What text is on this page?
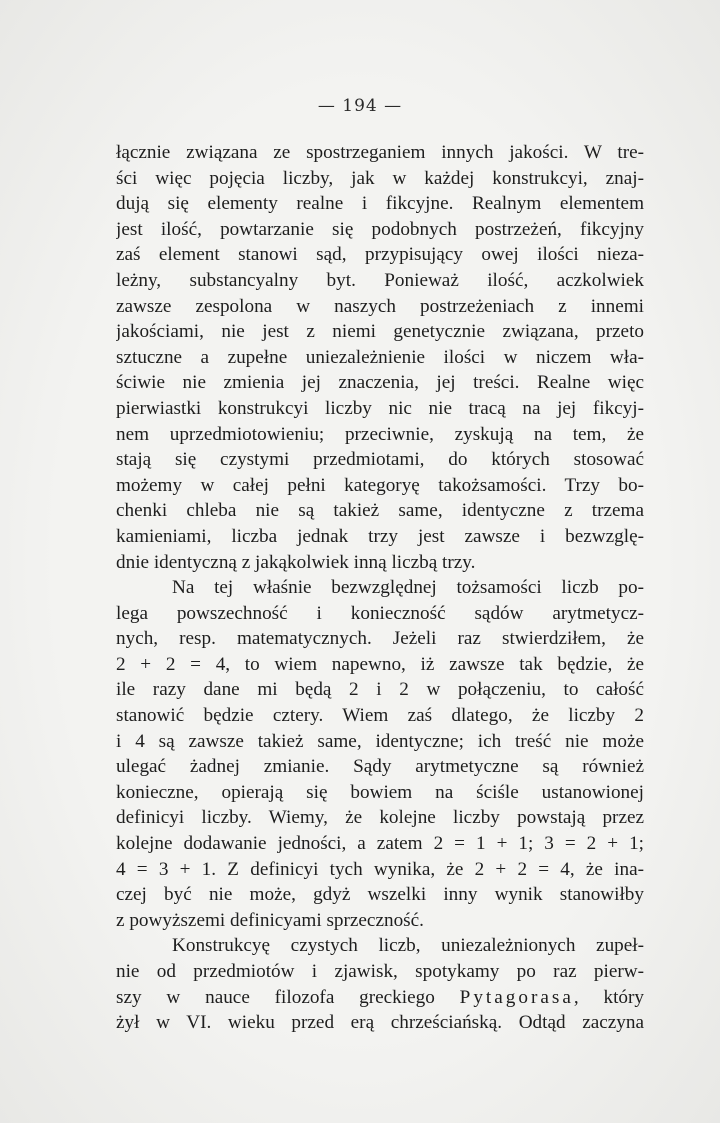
— 194 —
łącznie związana ze spostrzeganiem innych jakości. W tre-
ści więc pojęcia liczby, jak w każdej konstrukcyi, znaj-
dują się elementy realne i fikcyjne. Realnym elementem
jest ilość, powtarzanie się podobnych postrzeżeń, fikcyjny
zaś element stanowi sąd, przypisujący owej ilości nieza-
leżny, substancyalny byt. Ponieważ ilość, aczkolwiek
zawsze zespolona w naszych postrzeżeniach z innemi
jakościami, nie jest z niemi genetycznie związana, przeto
sztuczne a zupełne uniezależnienie ilości w niczem wła-
ściwie nie zmienia jej znaczenia, jej treści. Realne więc
pierwiastki konstrukcyi liczby nic nie tracą na jej fikcyj-
nem uprzedmiotowieniu; przeciwnie, zyskują na tem, że
stają się czystymi przedmiotami, do których stosować
możemy w całej pełni kategoryę takożsamości. Trzy bo-
chenki chleba nie są takież same, identyczne z trzema
kamieniami, liczba jednak trzy jest zawsze i bezwzglę-
dnie identyczną z jakąkolwiek inną liczbą trzy.
Na tej właśnie bezwzględnej tożsamości liczb po-
lega powszechność i konieczność sądów arytmetycz-
nych, resp. matematycznych. Jeżeli raz stwierdziłem, że
2 + 2 = 4, to wiem napewno, iż zawsze tak będzie, że
ile razy dane mi będą 2 i 2 w połączeniu, to całość
stanowić będzie cztery. Wiem zaś dlatego, że liczby 2
i 4 są zawsze takież same, identyczne; ich treść nie może
ulegać żadnej zmianie. Sądy arytmetyczne są również
konieczne, opierają się bowiem na ściśle ustanowionej
definicyi liczby. Wiemy, że kolejne liczby powstają przez
kolejne dodawanie jedności, a zatem 2 = 1 + 1; 3 = 2 + 1;
4 = 3 + 1. Z definicyi tych wynika, że 2 + 2 = 4, że ina-
czej być nie może, gdyż wszelki inny wynik stanowiłby
z powyższemi definicyami sprzeczność.
Konstrukcyę czystych liczb, uniezależnionych zupeł-
nie od przedmiotów i zjawisk, spotykamy po raz pierw-
szy w nauce filozofa greckiego Pytagorasa, który
żył w VI. wieku przed erą chrześciańską. Odtąd zaczyna
